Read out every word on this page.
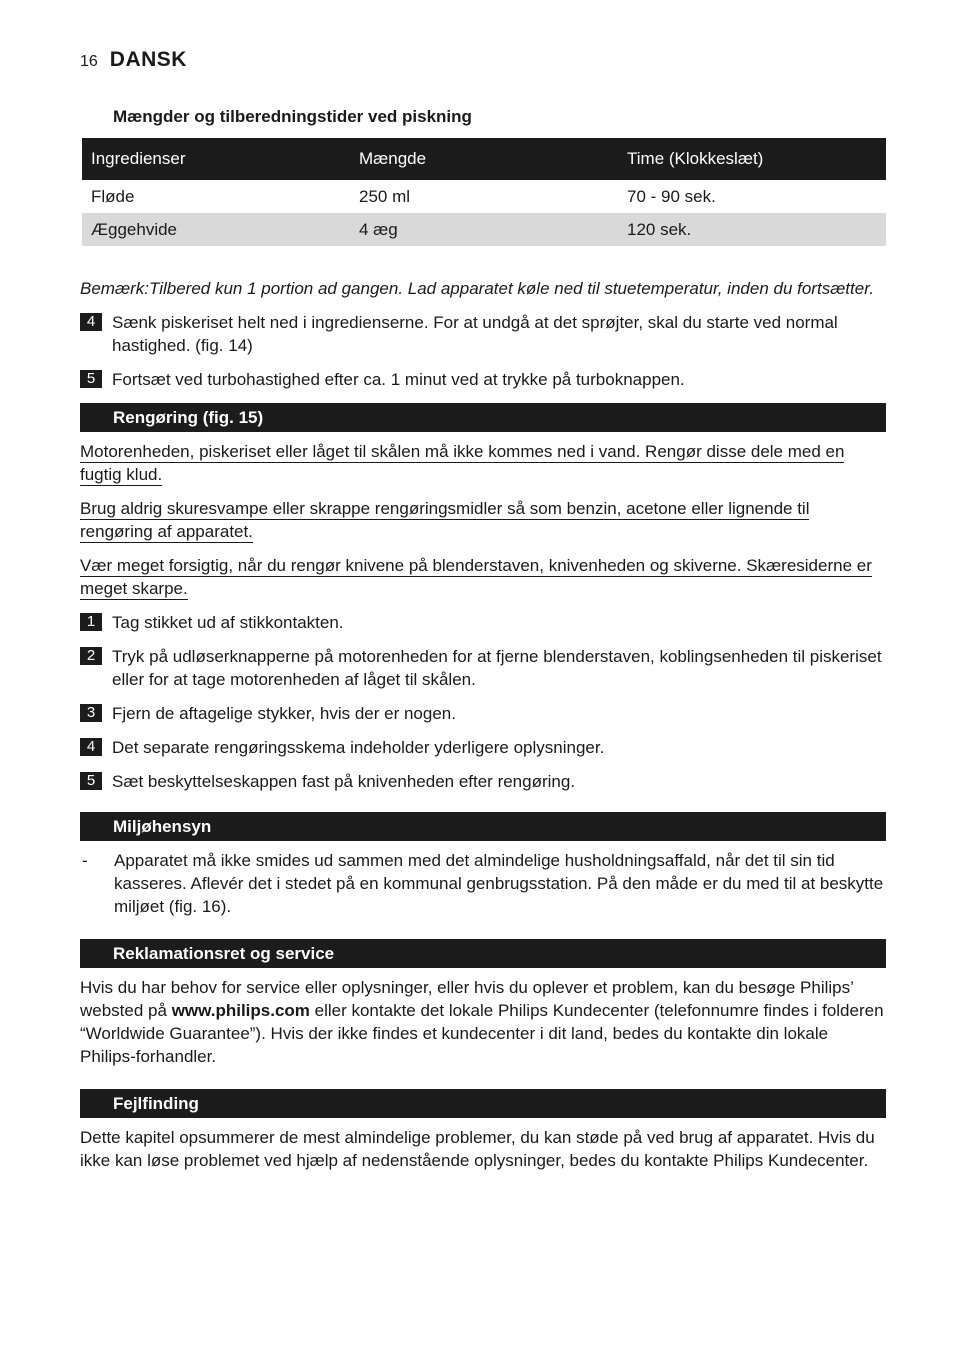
16 DANSK
Mængder og tilberedningstider ved piskning
Ingredienser	Mængde	Time (Klokkeslæt)
Fløde	250 ml	70 - 90 sek.
Æggehvide	4 æg	120 sek.

Bemærk:Tilbered kun 1 portion ad gangen. Lad apparatet køle ned til stuetemperatur, inden du fortsætter.

4 Sænk piskeriset helt ned i ingredienserne. For at undgå at det sprøjter, skal du starte ved normal hastighed. (fig. 14)
5 Fortsæt ved turbohastighed efter ca. 1 minut ved at trykke på turboknappen.
Rengøring (fig. 15)

Motorenheden, piskeriset eller låget til skålen må ikke kommes ned i vand. Rengør disse dele med en fugtig klud.

Brug aldrig skuresvampe eller skrappe rengøringsmidler så som benzin, acetone eller lignende til rengøring af apparatet.

Vær meget forsigtig, når du rengør knivene på blenderstaven, knivenheden og skiverne. Skæresiderne er meget skarpe.

1 Tag stikket ud af stikkontakten.
2 Tryk på udløserknapperne på motorenheden for at fjerne blenderstaven, koblingsenheden til piskeriset eller for at tage motorenheden af låget til skålen.
3 Fjern de aftagelige stykker, hvis der er nogen.
4 Det separate rengøringsskema indeholder yderligere oplysninger.
5 Sæt beskyttelseskappen fast på knivenheden efter rengøring.
Miljøhensyn
-	Apparatet må ikke smides ud sammen med det almindelige husholdningsaffald, når det til sin tid kasseres. Aflevér det i stedet på en kommunal genbrugsstation. På den måde er du med til at beskytte miljøet (fig. 16).
Reklamationsret og service

Hvis du har behov for service eller oplysninger, eller hvis du oplever et problem, kan du besøge Philips’ websted på www.philips.com eller kontakte det lokale Philips Kundecenter (telefonnumre findes i folderen “Worldwide Guarantee”). Hvis der ikke findes et kundecenter i dit land, bedes du kontakte din lokale Philips-forhandler.

Fejlfinding

Dette kapitel opsummerer de mest almindelige problemer, du kan støde på ved brug af apparatet. Hvis du ikke kan løse problemet ved hjælp af nedenstående oplysninger, bedes du kontakte Philips Kundecenter.
